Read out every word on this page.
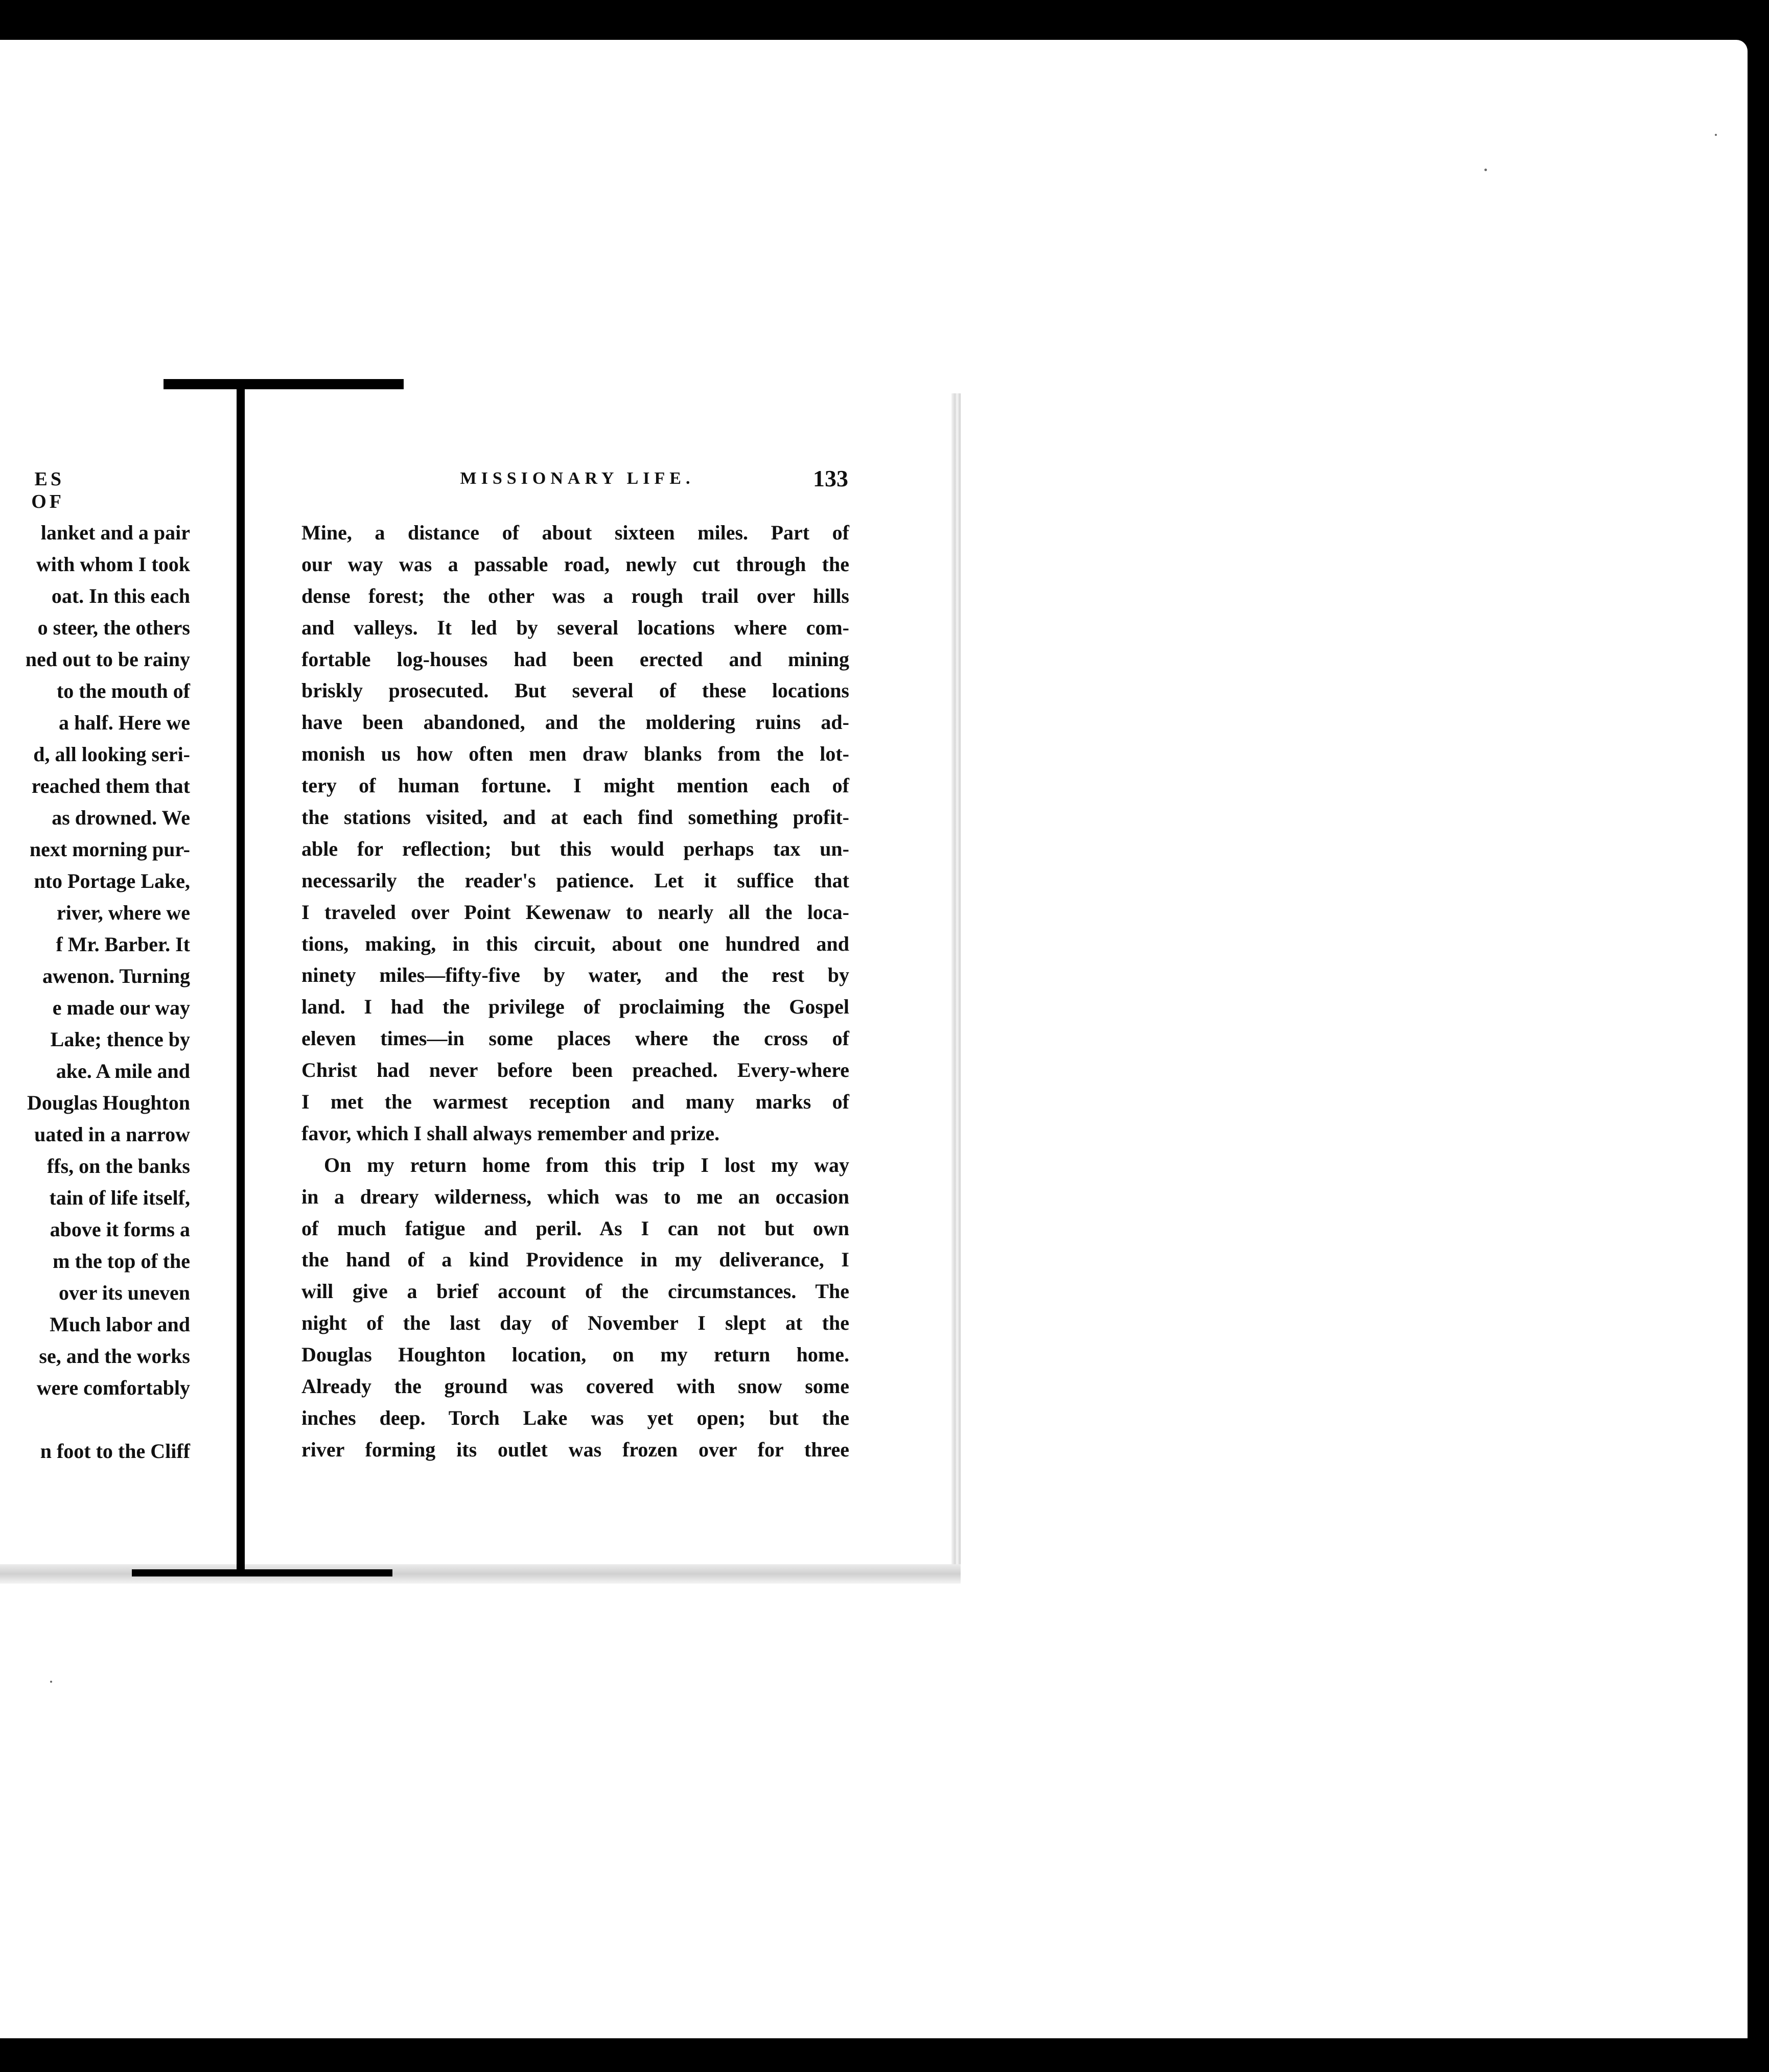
ES OF
MISSIONARY LIFE.	133
lanket and a pair
with whom I took
oat. In this each
o steer, the others
ned out to be rainy
to the mouth of
a half. Here we
d, all looking seri-
reached them that
as drowned. We
next morning pur-
nto Portage Lake,
river, where we
f Mr. Barber. It
awenon. Turning
e made our way
Lake; thence by
ake. A mile and
Douglas Houghton
uated in a narrow
ffs, on the banks
tain of life itself,
above it forms a
m the top of the
over its uneven
Much labor and
se, and the works
were comfortably
n foot to the Cliff
Mine, a distance of about sixteen miles. Part of
our way was a passable road, newly cut through the
dense forest; the other was a rough trail over hills
and valleys. It led by several locations where com-
fortable log-houses had been erected and mining
briskly prosecuted. But several of these locations
have been abandoned, and the moldering ruins ad-
monish us how often men draw blanks from the lot-
tery of human fortune. I might mention each of
the stations visited, and at each find something profit-
able for reflection; but this would perhaps tax un-
necessarily the reader's patience. Let it suffice that
I traveled over Point Kewenaw to nearly all the loca-
tions, making, in this circuit, about one hundred and
ninety miles—fifty-five by water, and the rest by
land. I had the privilege of proclaiming the Gospel
eleven times—in some places where the cross of
Christ had never before been preached. Every-where
I met the warmest reception and many marks of
favor, which I shall always remember and prize.
On my return home from this trip I lost my way
in a dreary wilderness, which was to me an occasion
of much fatigue and peril. As I can not but own
the hand of a kind Providence in my deliverance, I
will give a brief account of the circumstances. The
night of the last day of November I slept at the
Douglas Houghton location, on my return home.
Already the ground was covered with snow some
inches deep. Torch Lake was yet open; but the
river forming its outlet was frozen over for three
